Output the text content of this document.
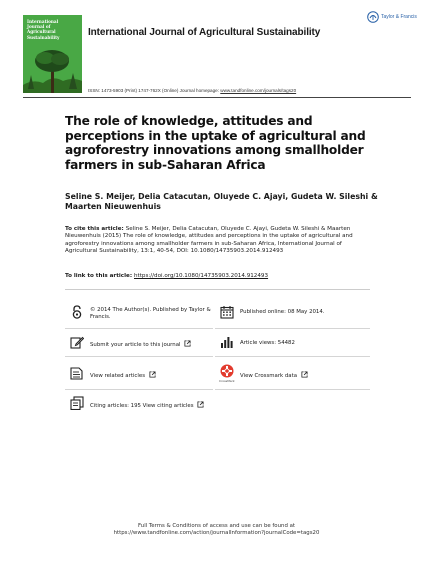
International
Journal of
Agricultural
Sustainability	International Journal of Agricultural Sustainability
Taylor & Francis
ISSN: 1473-5903 (Print) 1747-762X (Online) Journal homepage: www.tandfonline.com/journals/tags20
The role of knowledge, attitudes and perceptions in the uptake of agricultural and agroforestry innovations among smallholder farmers in sub-Saharan Africa
Seline S. Meijer, Delia Catacutan, Oluyede C. Ajayi, Gudeta W. Sileshi & Maarten Nieuwenhuis
To cite this article: Seline S. Meijer, Delia Catacutan, Oluyede C. Ajayi, Gudeta W. Sileshi & Maarten Nieuwenhuis (2015) The role of knowledge, attitudes and perceptions in the uptake of agricultural and agroforestry innovations among smallholder farmers in sub-Saharan Africa, International Journal of Agricultural Sustainability, 13:1, 40-54, DOI: 10.1080/14735903.2014.912493
To link to this article: https://doi.org/10.1080/14735903.2014.912493
© 2014 The Author(s). Published by Taylor & Francis.
Published online: 08 May 2014.
Submit your article to this journal	Article views: 54482
View related articles
CrossMark
View Crossmark data
Citing articles: 195 View citing articles
Full Terms & Conditions of access and use can be found at
https://www.tandfonline.com/action/journalInformation?journalCode=tags20
